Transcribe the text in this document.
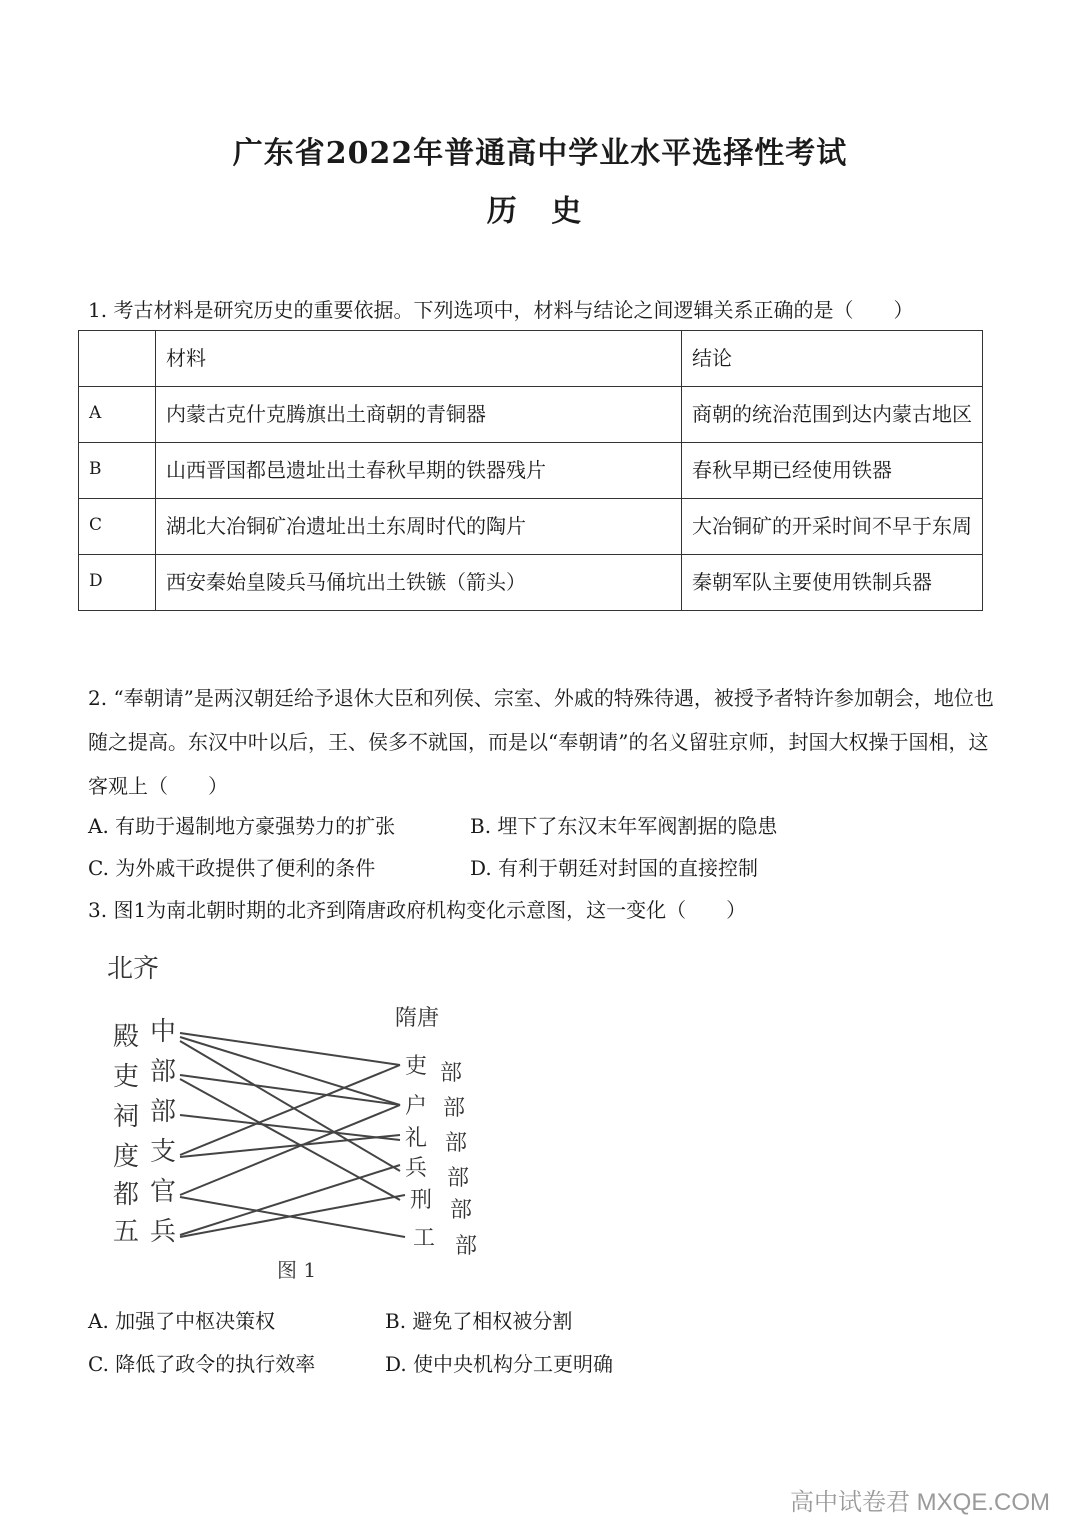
广东省2022年普通高中学业水平选择性考试
历 史
1. 考古材料是研究历史的重要依据。下列选项中，材料与结论之间逻辑关系正确的是（　　）
	材料	结论
A	内蒙古克什克腾旗出土商朝的青铜器	商朝的统治范围到达内蒙古地区
B	山西晋国都邑遗址出土春秋早期的铁器残片	春秋早期已经使用铁器
C	湖北大冶铜矿冶遗址出土东周时代的陶片	大冶铜矿的开采时间不早于东周
D	西安秦始皇陵兵马俑坑出土铁镞（箭头）	秦朝军队主要使用铁制兵器
2. “奉朝请”是两汉朝廷给予退休大臣和列侯、宗室、外戚的特殊待遇，被授予者特许参加朝会，地位也随之提高。东汉中叶以后，王、侯多不就国，而是以“奉朝请”的名义留驻京师，封国大权操于国相，这客观上（　　）
A. 有助于遏制地方豪强势力的扩张	B. 埋下了东汉末年军阀割据的隐患
C. 为外戚干政提供了便利的条件	D. 有利于朝廷对封国的直接控制
3. 图1为南北朝时期的北齐到隋唐政府机构变化示意图，这一变化（　　）
北齐
隋唐
殿
吏
祠
度
都
五
中
部
部
支
官
兵
吏
户
礼
兵
刑
工
部
部
部
部
部
部
图 1
A. 加强了中枢决策权	B. 避免了相权被分割
C. 降低了政令的执行效率	D. 使中央机构分工更明确
高中试卷君 MXQE.COM
